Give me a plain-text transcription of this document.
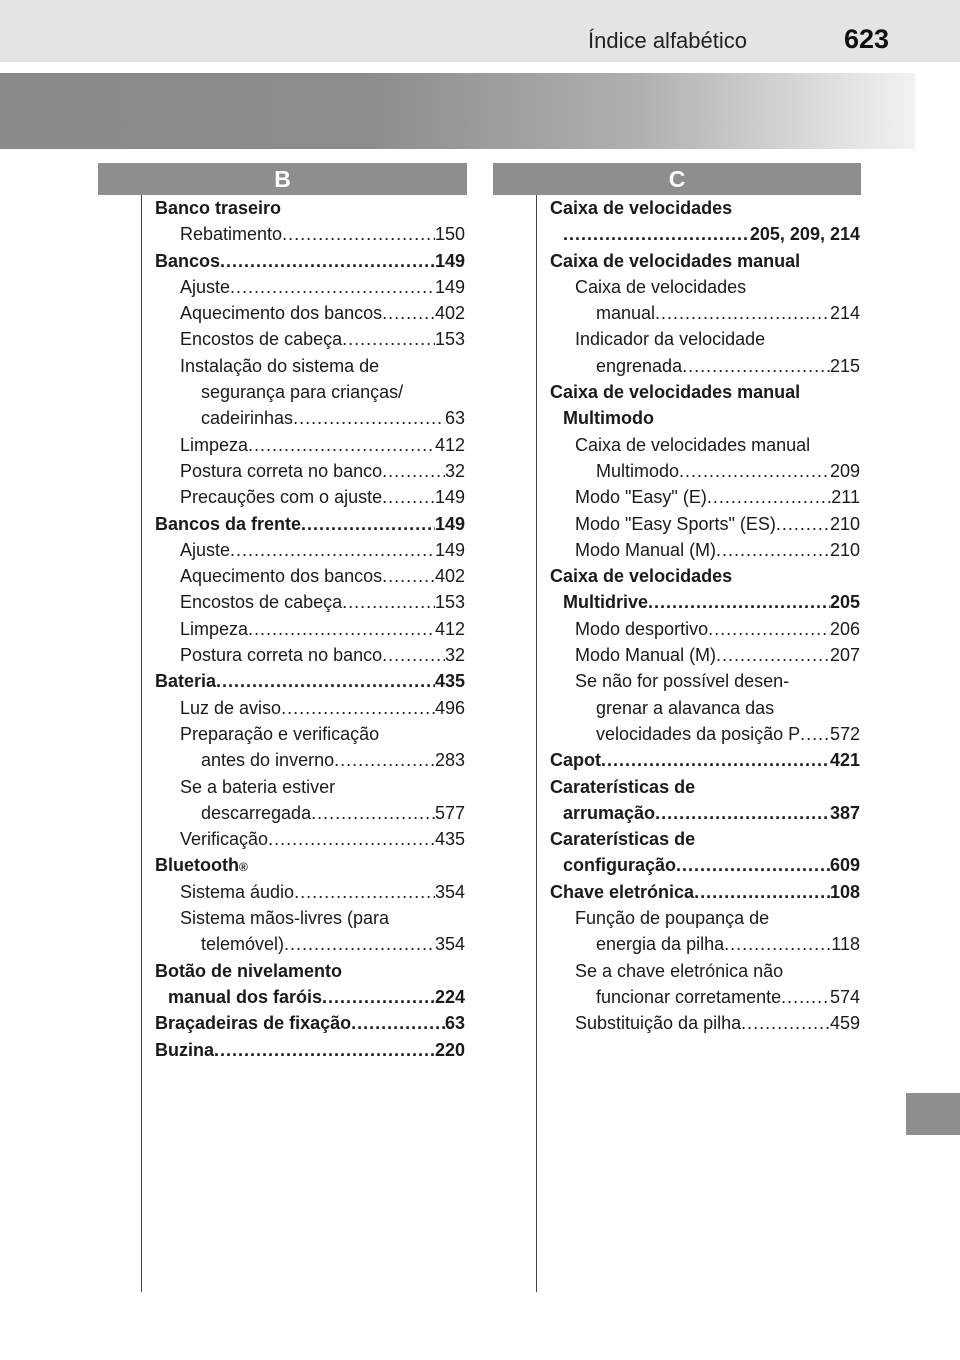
Índice alfabético	623
B	C
Banco traseiro
Rebatimento .....	150
Bancos .....	149
Ajuste .....	149
Aquecimento dos bancos .....	402
Encostos de cabeça .....	153
Instalação do sistema de
segurança para crianças/
cadeirinhas .....	63
Limpeza .....	412
Postura correta no banco .....	32
Precauções com o ajuste .....	149
Bancos da frente .....	149
Ajuste .....	149
Aquecimento dos bancos .....	402
Encostos de cabeça .....	153
Limpeza .....	412
Postura correta no banco .....	32
Bateria .....	435
Luz de aviso .....	496
Preparação e verificação
antes do inverno .....	283
Se a bateria estiver
descarregada .....	577
Verificação .....	435
Bluetooth ®
Sistema áudio .....	354
Sistema mãos-livres (para
telemóvel) .....	354
Botão de nivelamento
manual dos faróis .....	224
Braçadeiras de fixação .....	63
Buzina .....	220
Caixa de velocidades
.....
205, 209, 214
Caixa de velocidades manual
Caixa de velocidades
manual .....	214
Indicador da velocidade
engrenada .....	215
Caixa de velocidades manual
Multimodo
Caixa de velocidades manual
Multimodo .....	209
Modo "Easy" (E) .....	211
Modo "Easy Sports" (ES) .....	210
Modo Manual (M) .....	210
Caixa de velocidades
Multidrive .....	205
Modo desportivo .....	206
Modo Manual (M) .....	207
Se não for possível desen-
grenar a alavanca das
velocidades da posição P ..... 572
Capot .....	421
Caraterísticas de
arrumação .....	387
Caraterísticas de
configuração .....	609
Chave eletrónica .....	108
Função de poupança de
energia da pilha .....	118
Se a chave eletrónica não
funcionar corretamente .....	574
Substituição da pilha .....	459
